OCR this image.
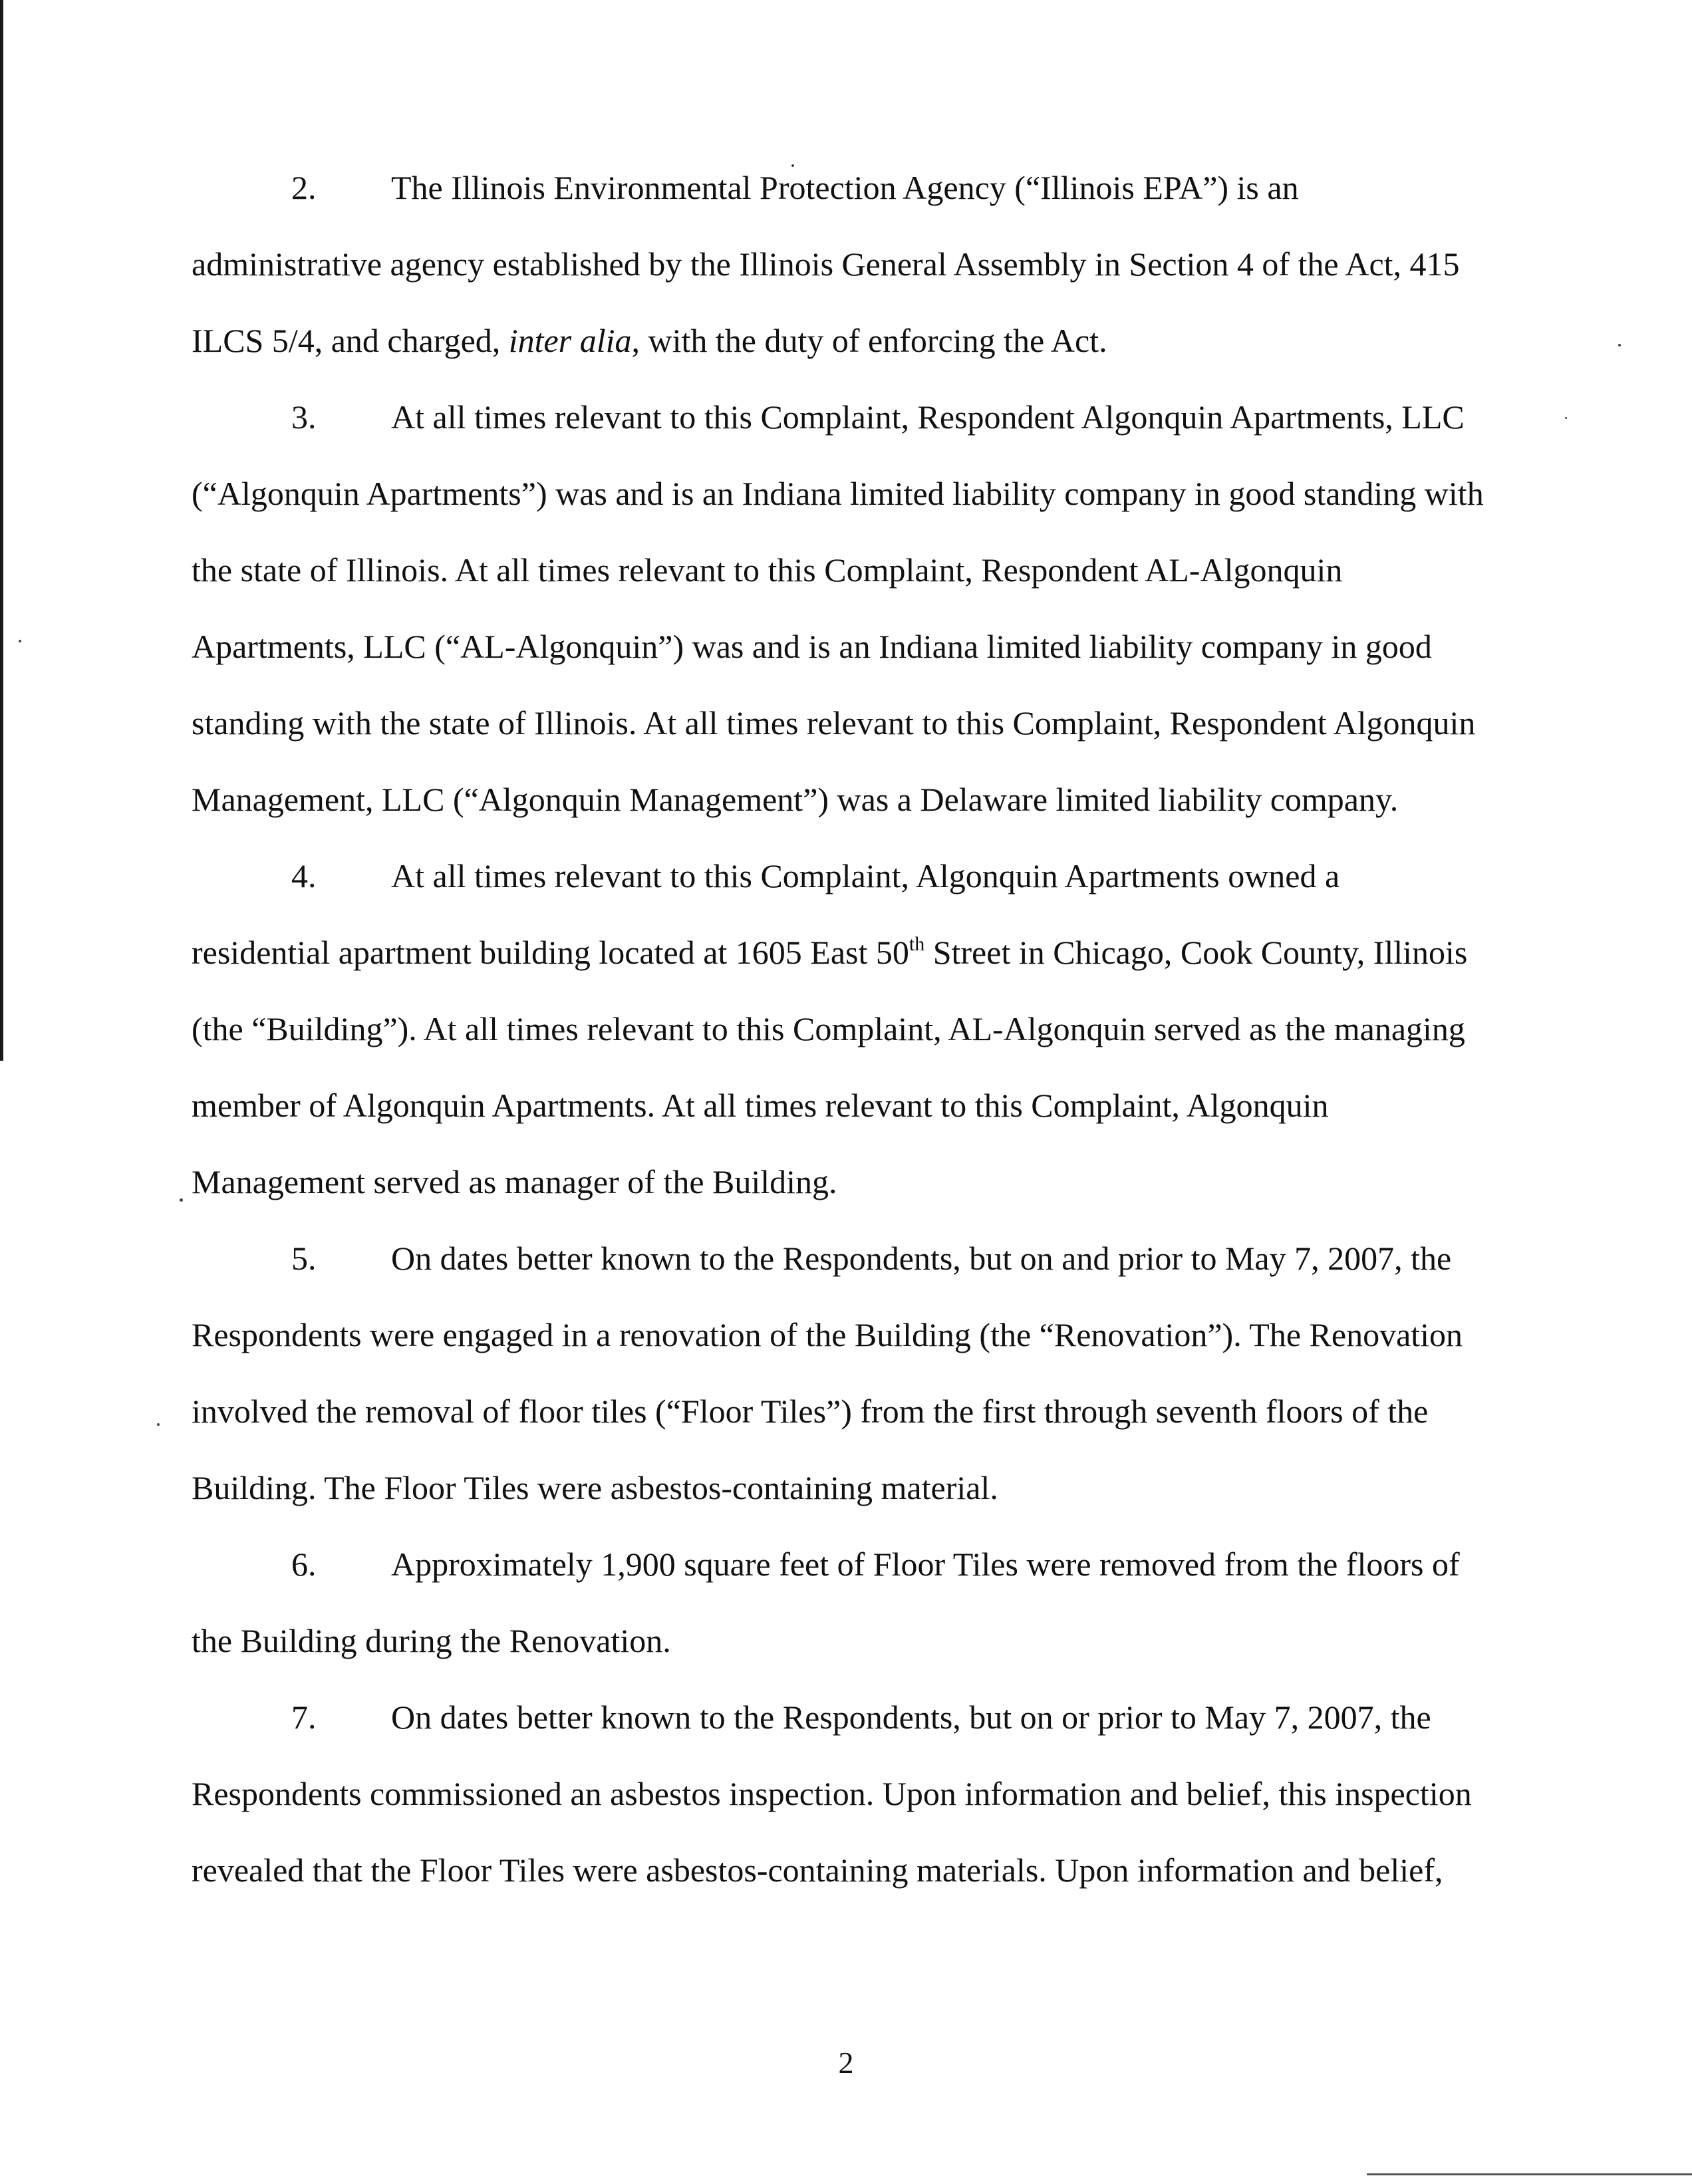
2. The Illinois Environmental Protection Agency (“Illinois EPA”) is an
administrative agency established by the Illinois General Assembly in Section 4 of the Act, 415
ILCS 5/4, and charged, inter alia, with the duty of enforcing the Act.
3. At all times relevant to this Complaint, Respondent Algonquin Apartments, LLC
(“Algonquin Apartments”) was and is an Indiana limited liability company in good standing with
the state of Illinois. At all times relevant to this Complaint, Respondent AL-Algonquin
Apartments, LLC (“AL-Algonquin”) was and is an Indiana limited liability company in good
standing with the state of Illinois. At all times relevant to this Complaint, Respondent Algonquin
Management, LLC (“Algonquin Management”) was a Delaware limited liability company.
4. At all times relevant to this Complaint, Algonquin Apartments owned a
residential apartment building located at 1605 East 50th Street in Chicago, Cook County, Illinois
(the “Building”). At all times relevant to this Complaint, AL-Algonquin served as the managing
member of Algonquin Apartments. At all times relevant to this Complaint, Algonquin
Management served as manager of the Building.
5. On dates better known to the Respondents, but on and prior to May 7, 2007, the
Respondents were engaged in a renovation of the Building (the “Renovation”). The Renovation
involved the removal of floor tiles (“Floor Tiles”) from the first through seventh floors of the
Building. The Floor Tiles were asbestos-containing material.
6. Approximately 1,900 square feet of Floor Tiles were removed from the floors of
the Building during the Renovation.
7. On dates better known to the Respondents, but on or prior to May 7, 2007, the
Respondents commissioned an asbestos inspection. Upon information and belief, this inspection
revealed that the Floor Tiles were asbestos-containing materials. Upon information and belief,
2
